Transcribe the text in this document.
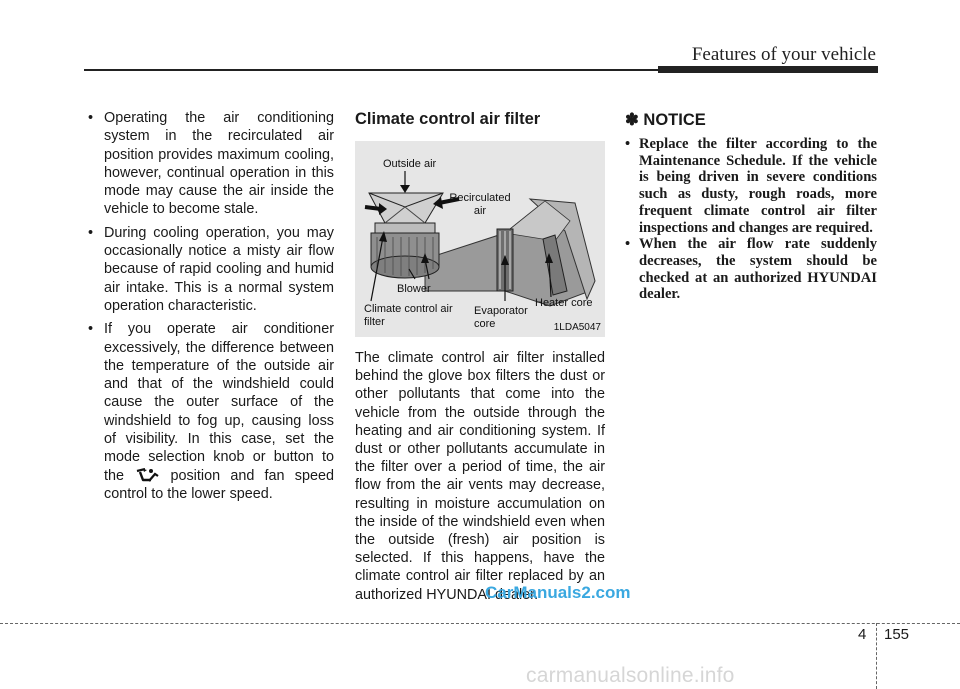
Features of your vehicle
• Operating the air conditioning system in the recirculated air position provides maximum cooling, however, continual operation in this mode may cause the air inside the vehicle to become stale.
• During cooling operation, you may occasionally notice a misty air flow because of rapid cooling and humid air intake. This is a normal system operation characteristic.
• If you operate air conditioner excessively, the difference between the temperature of the outside air and that of the windshield could cause the outer surface of the windshield to fog up, causing loss of visibility. In this case, set the mode selection knob or button to the	position and fan speed control to the lower speed.
Climate control air filter
Outside air
Recirculated air
Blower
Climate control air filter
Evaporator core
Heater core
1LDA5047
The climate control air filter installed behind the glove box filters the dust or other pollutants that come into the vehicle from the outside through the heating and air conditioning system. If dust or other pollutants accumulate in the filter over a period of time, the air flow from the air vents may decrease, resulting in moisture accumulation on the inside of the windshield even when the outside (fresh) air position is selected. If this happens, have the climate control air filter replaced by an authorized HYUNDAI dealer.
✽ NOTICE
• Replace the filter according to the Maintenance Schedule. If the vehicle is being driven in severe conditions such as dusty, rough roads, more frequent climate control air filter inspections and changes are required.
• When the air flow rate suddenly decreases, the system should be checked at an authorized HYUNDAI dealer.
CarManuals2.com
4 155
carmanualsonline.info
